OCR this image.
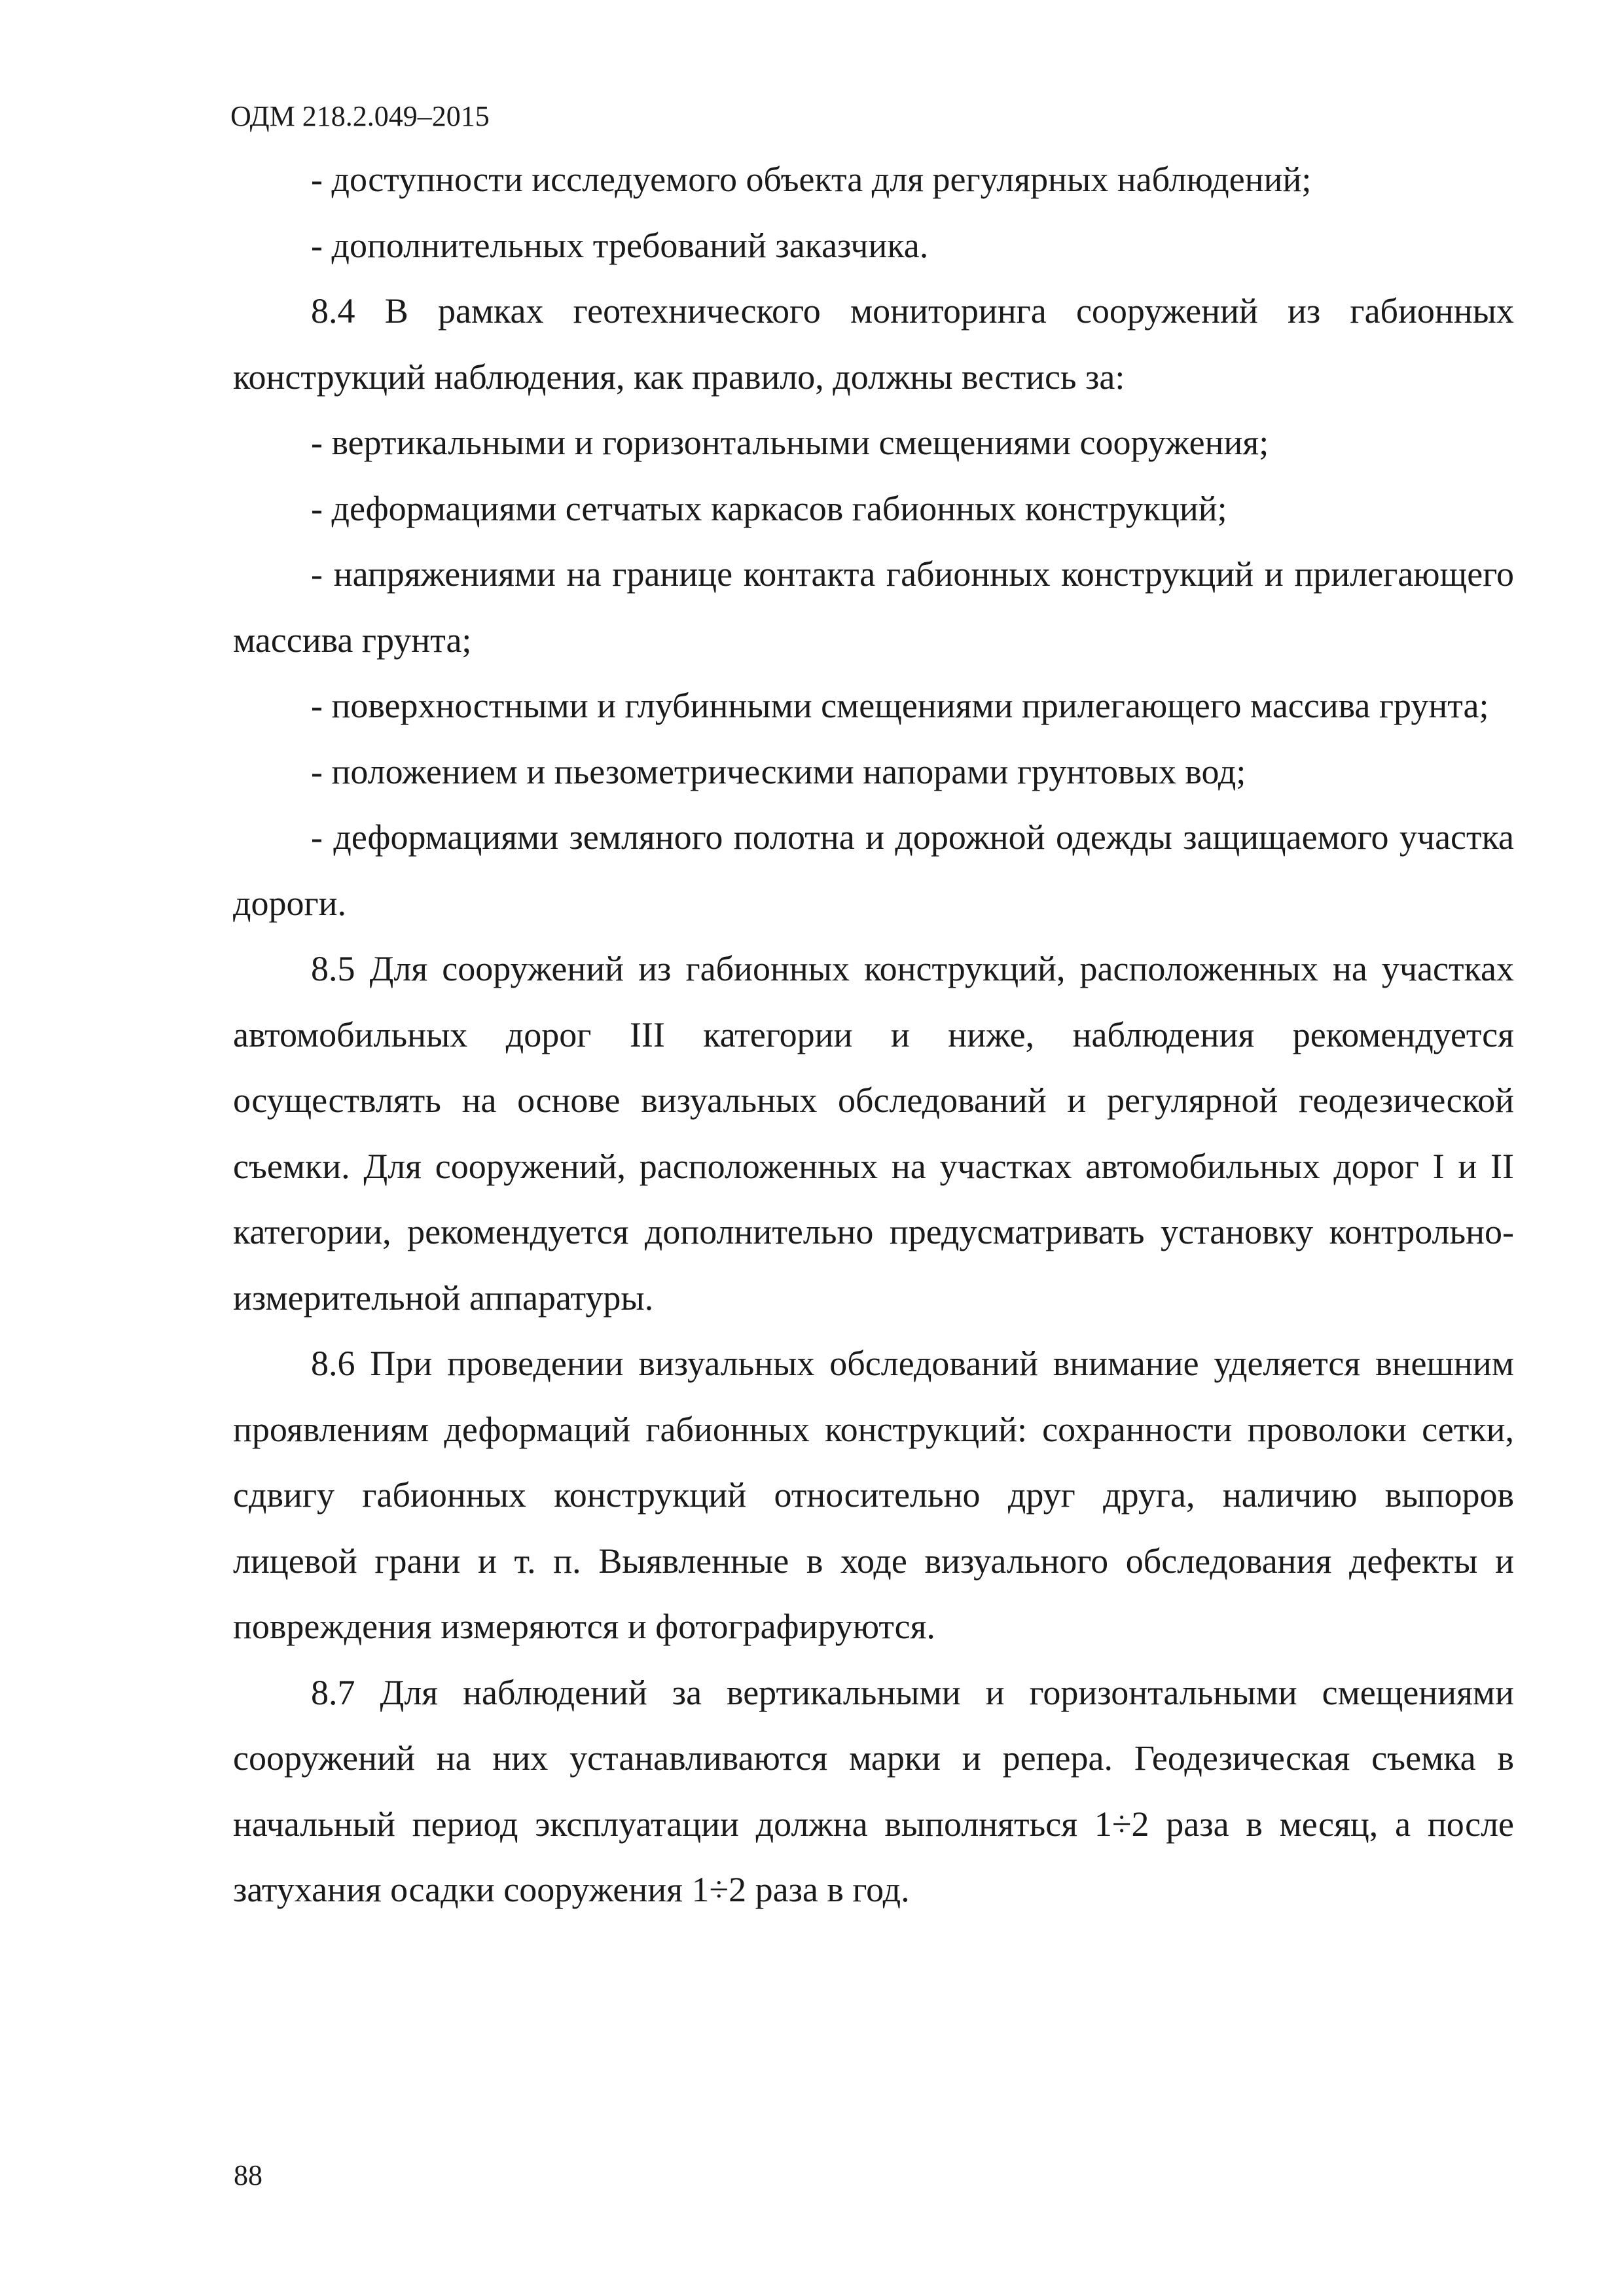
ОДМ 218.2.049–2015

- доступности исследуемого объекта для регулярных наблюдений;

- дополнительных требований заказчика.

8.4 В рамках геотехнического мониторинга сооружений из габионных конструкций наблюдения, как правило, должны вестись за:

- вертикальными и горизонтальными смещениями сооружения;

- деформациями сетчатых каркасов габионных конструкций;

- напряжениями на границе контакта габионных конструкций и прилегающего массива грунта;

- поверхностными и глубинными смещениями прилегающего массива грунта;

- положением и пьезометрическими напорами грунтовых вод;

- деформациями земляного полотна и дорожной одежды защищаемого участка дороги.

8.5 Для сооружений из габионных конструкций, расположенных на участках автомобильных дорог III категории и ниже, наблюдения рекомендуется осуществлять на основе визуальных обследований и регулярной геодезической съемки. Для сооружений, расположенных на участках автомобильных дорог I и II категории, рекомендуется дополнительно предусматривать установку контрольно-измерительной аппаратуры.

8.6 При проведении визуальных обследований внимание уделяется внешним проявлениям деформаций габионных конструкций: сохранности проволоки сетки, сдвигу габионных конструкций относительно друг друга, наличию выпоров лицевой грани и т. п. Выявленные в ходе визуального обследования дефекты и повреждения измеряются и фотографируются.

8.7 Для наблюдений за вертикальными и горизонтальными смещениями сооружений на них устанавливаются марки и репера. Геодезическая съемка в начальный период эксплуатации должна выполняться 1÷2 раза в месяц, а после затухания осадки сооружения 1÷2 раза в год.

88
